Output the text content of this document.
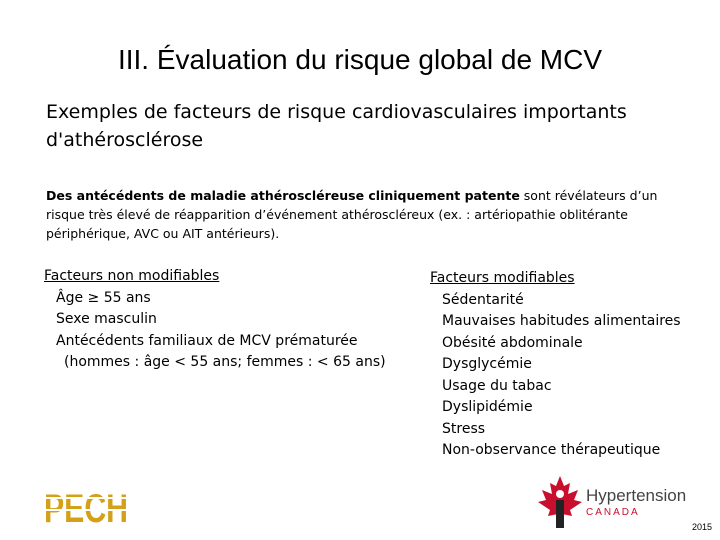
III. Évaluation du risque global de MCV
Exemples de facteurs de risque cardiovasculaires importants d'athérosclérose
Des antécédents de maladie athéroscléreuse cliniquement patente sont révélateurs d’un risque très élevé de réapparition d’événement athéroscléreux (ex. : artériopathie oblitérante périphérique, AVC ou AIT antérieurs).
Facteurs non modifiables
Âge ≥ 55 ans
Sexe masculin
Antécédents familiaux de MCV prématurée
(hommes : âge < 55 ans; femmes : < 65 ans)
Facteurs modifiables
Sédentarité
Mauvaises habitudes alimentaires
Obésité abdominale
Dysglycémie
Usage du tabac
Dyslipidémie
Stress
Non-observance thérapeutique
PECH	Hypertension
CANADA
2015
